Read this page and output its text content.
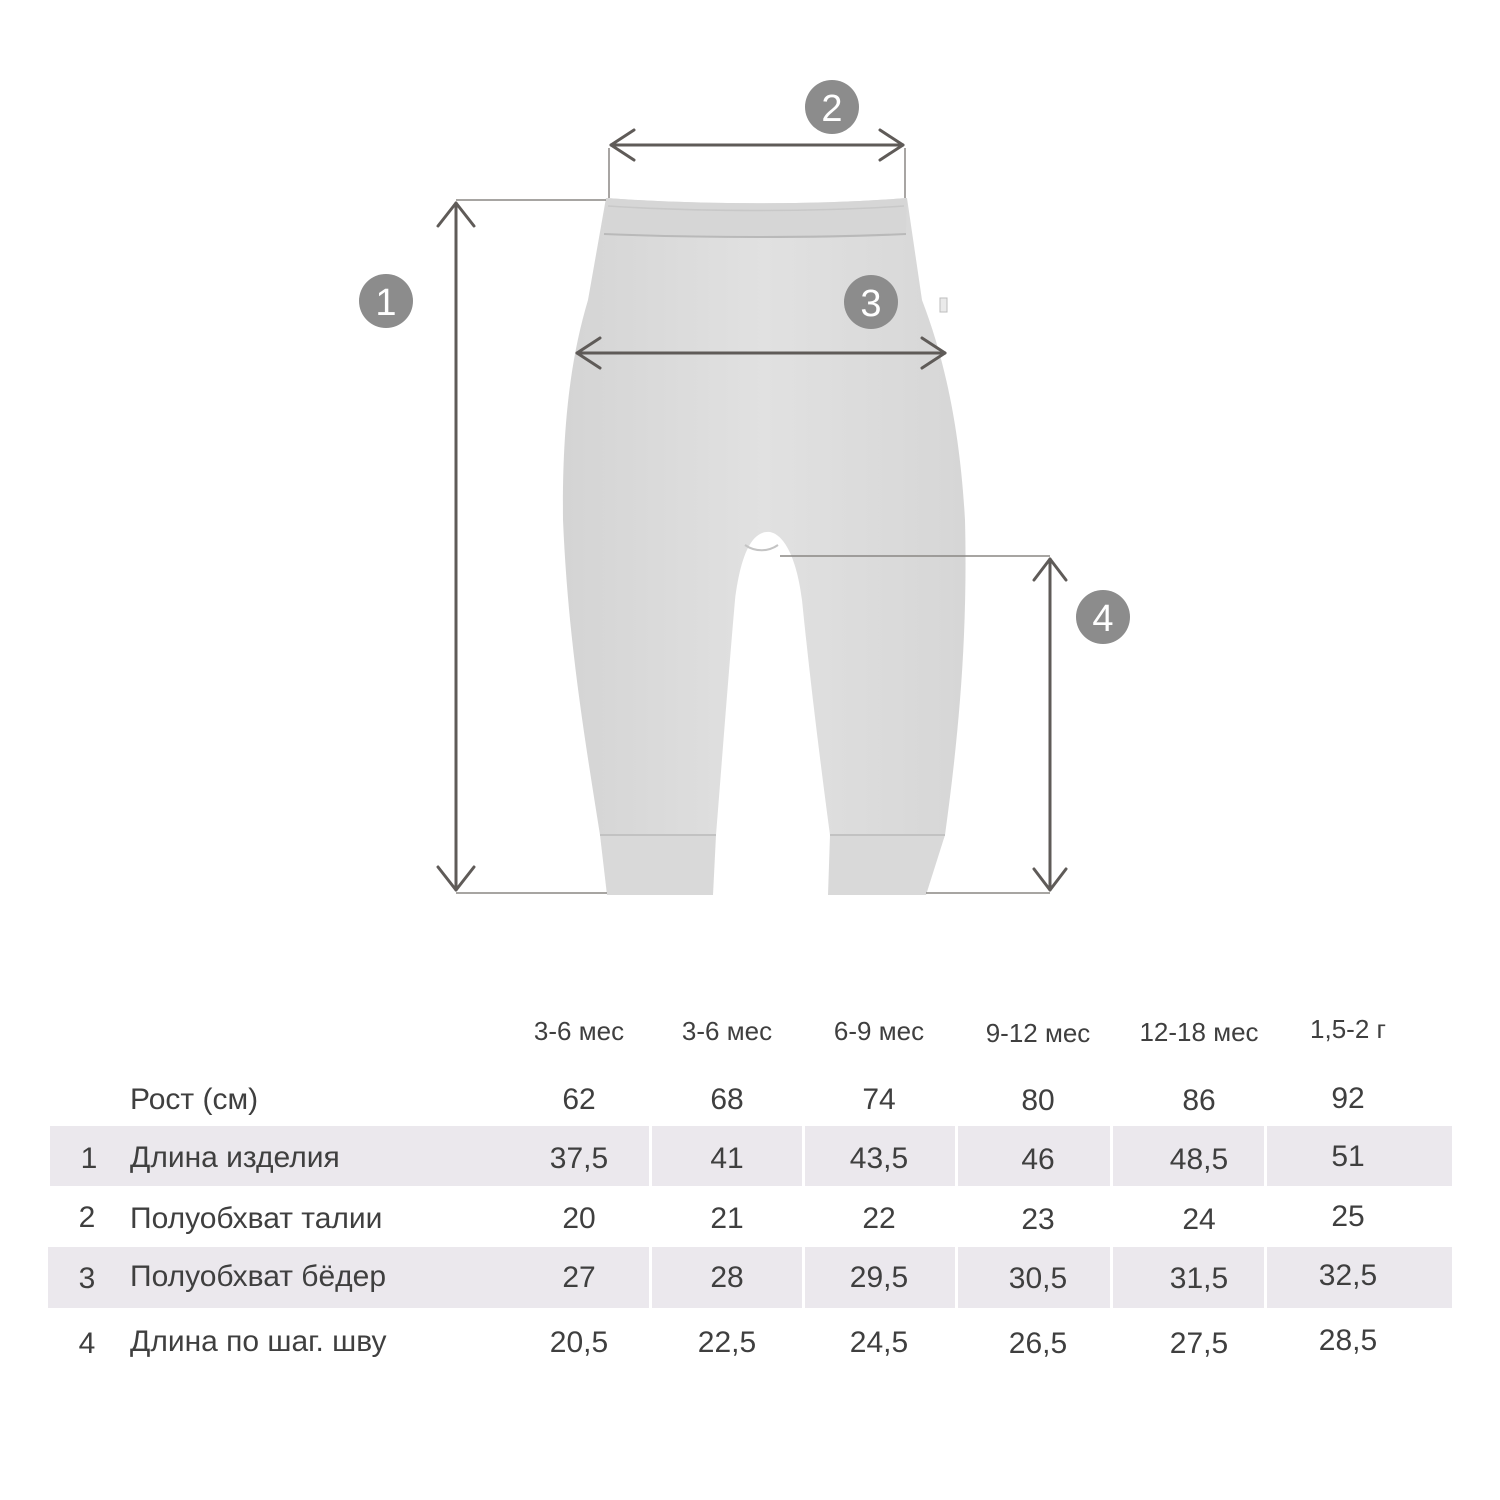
1
2
3
4
3-6 мес 3-6 мес 6-9 мес 9-12 мес 12-18 мес 1,5-2 г
Рост (см)	62	68	74	80	86	92
1 Длина изделия	37,5	41	43,5	46	48,5	51
2 Полуобхват талии	20	21	22	23	24	25
3 Полуобхват бёдер	27	28	29,5	30,5	31,5	32,5
4 Длина по шаг. шву	20,5	22,5	24,5	26,5	27,5	28,5
